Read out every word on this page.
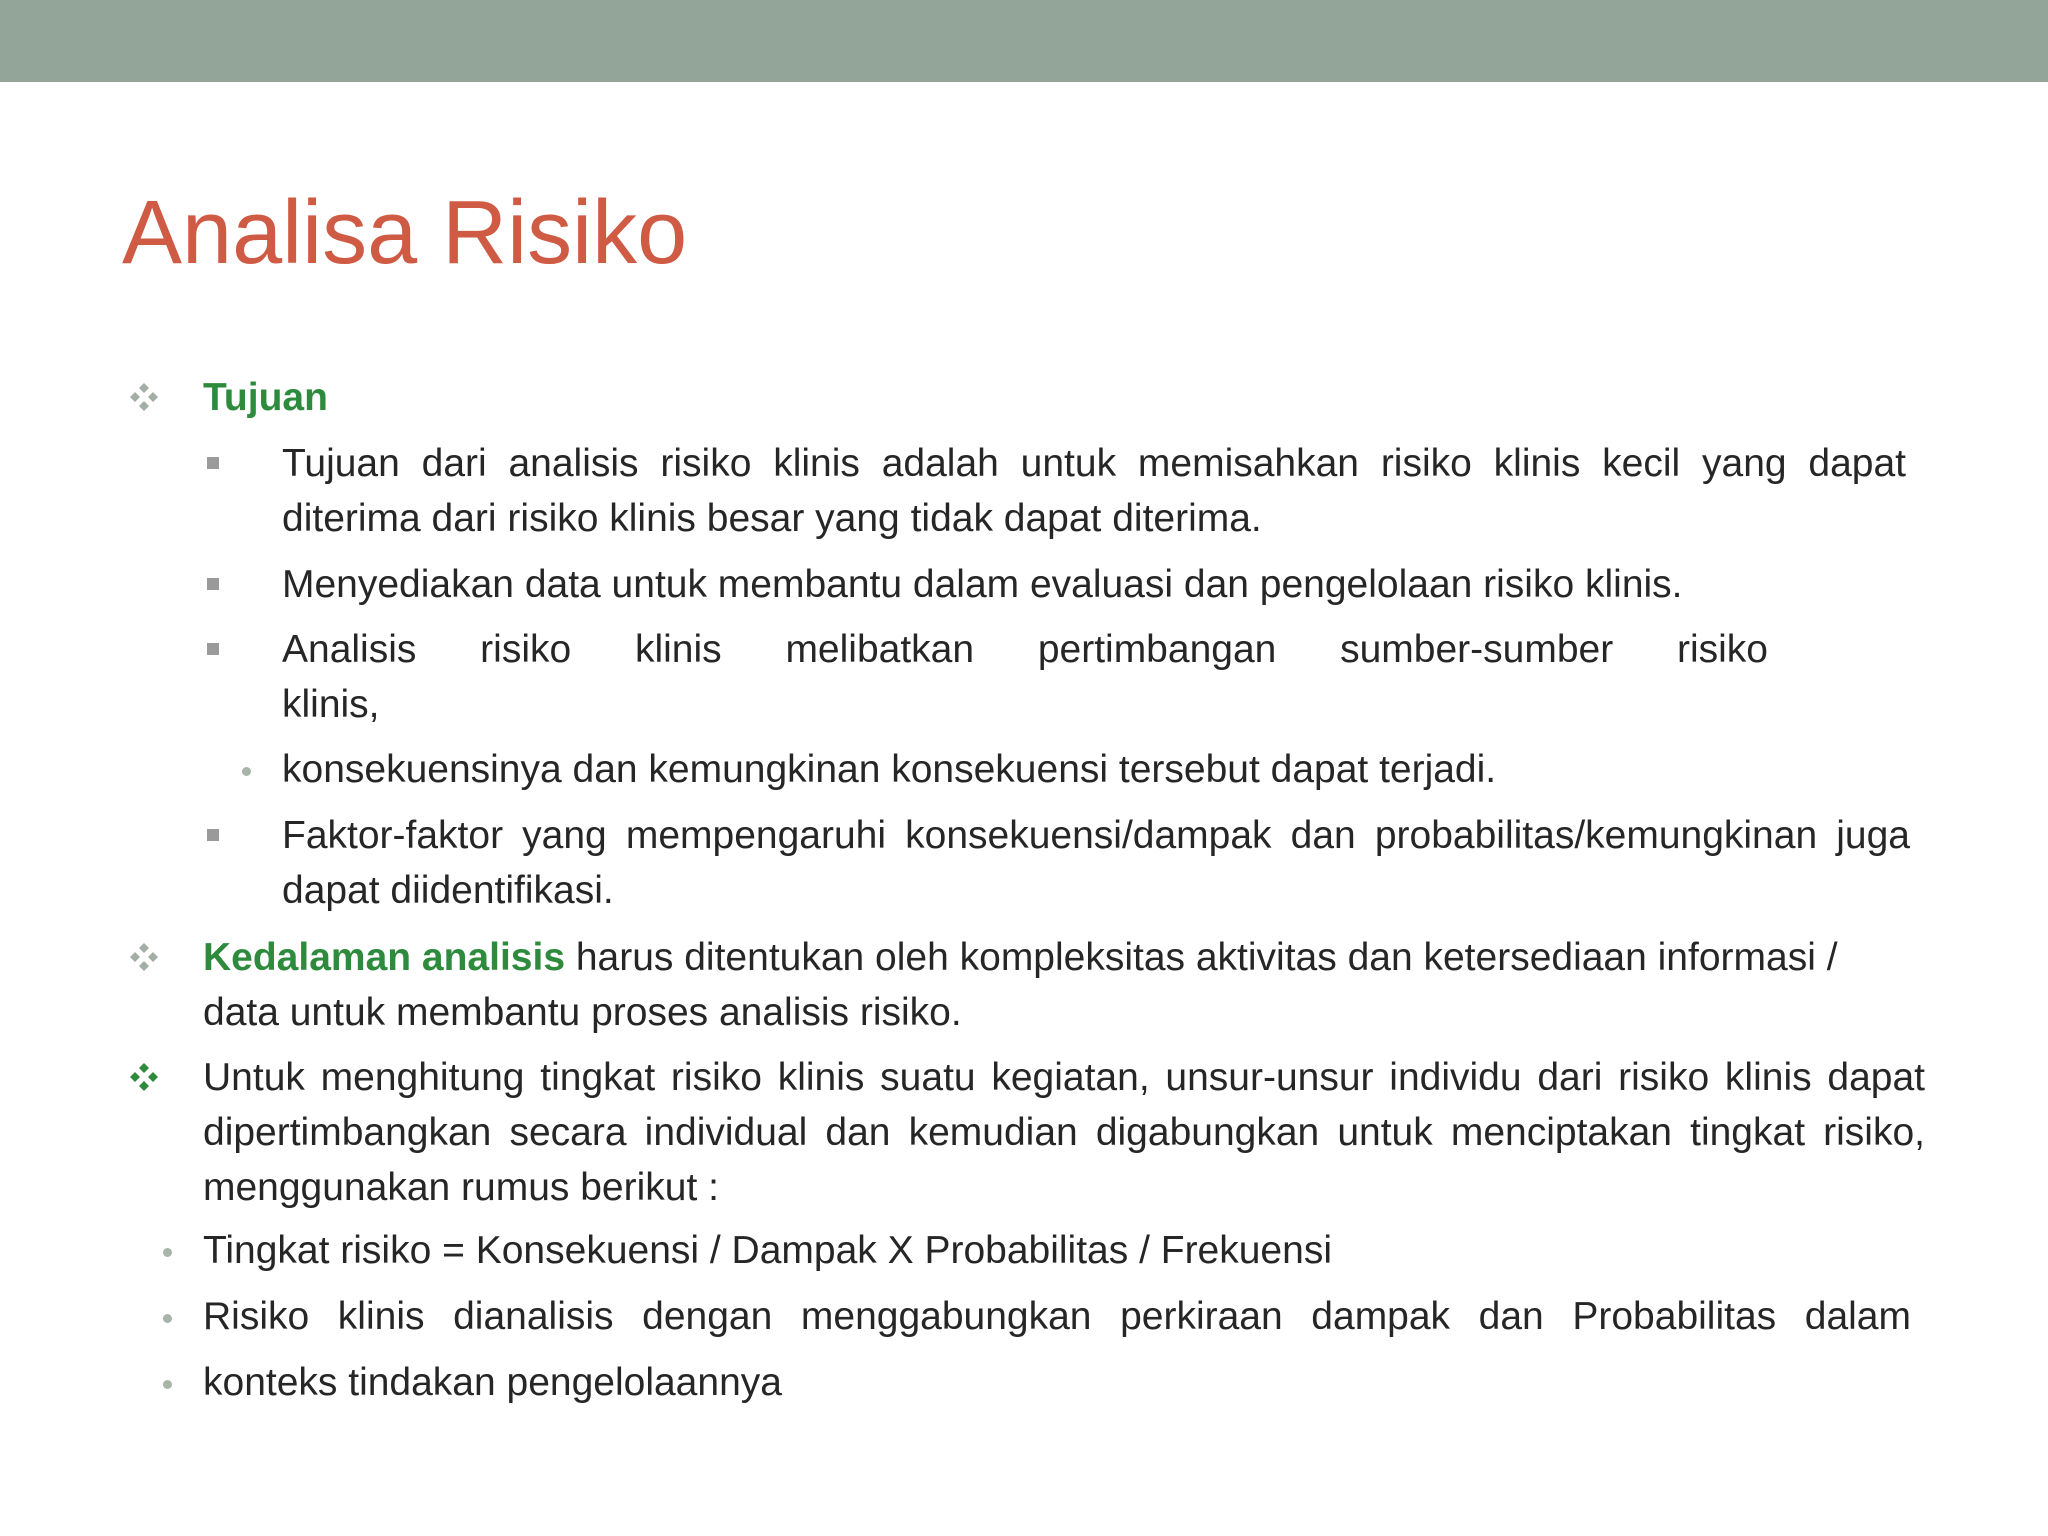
Analisa Risiko

Tujuan

Tujuan dari analisis risiko klinis adalah untuk memisahkan risiko klinis kecil yang dapat diterima dari risiko klinis besar yang tidak dapat diterima.

Menyediakan data untuk membantu dalam evaluasi dan pengelolaan risiko klinis.

Analisis risiko klinis melibatkan pertimbangan sumber-sumber risiko

klinis,

konsekuensinya dan kemungkinan konsekuensi tersebut dapat terjadi.

Faktor-faktor yang mempengaruhi konsekuensi/dampak dan probabilitas/kemungkinan juga dapat diidentifikasi.

Kedalaman analisis harus ditentukan oleh kompleksitas aktivitas dan ketersediaan informasi /

data untuk membantu proses analisis risiko.

Untuk menghitung tingkat risiko klinis suatu kegiatan, unsur-unsur individu dari risiko klinis dapat dipertimbangkan secara individual dan kemudian digabungkan untuk menciptakan tingkat risiko, menggunakan rumus berikut :

Tingkat risiko = Konsekuensi / Dampak X Probabilitas / Frekuensi

Risiko klinis dianalisis dengan menggabungkan perkiraan dampak dan Probabilitas dalam

konteks tindakan pengelolaannya
